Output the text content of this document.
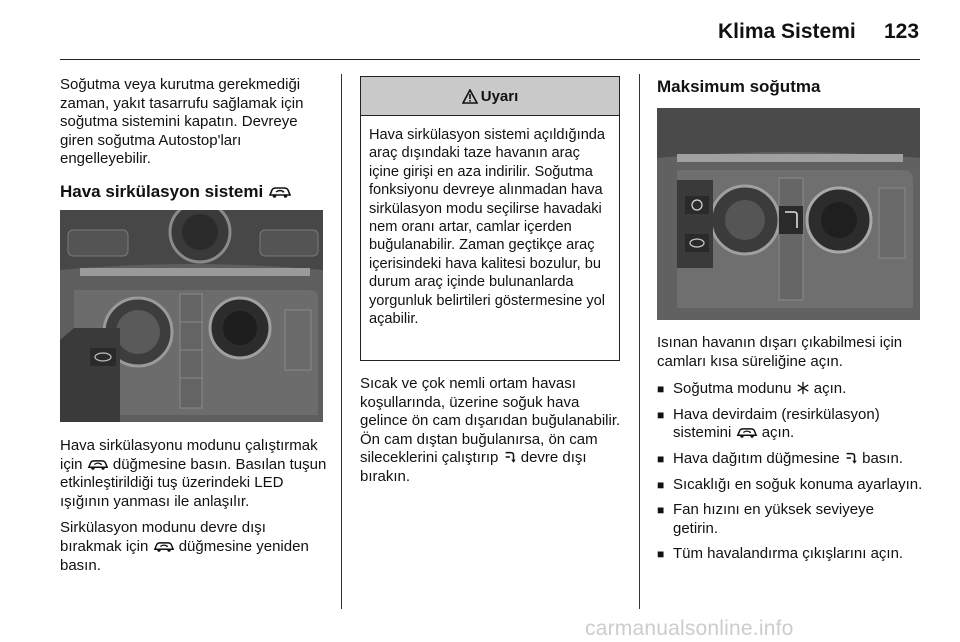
Klima Sistemi 123

Soğutma veya kurutma gerekmediği zaman, yakıt tasarrufu sağlamak için soğutma sistemini kapatın. Devreye giren soğutma Autostop'ları engelleyebilir.

Hava sirkülasyon sistemi

Hava sirkülasyonu modunu çalıştırmak için düğmesine basın. Basılan tuşun etkinleştirildiği tuş üzerindeki LED ışığının yanması ile anlaşılır.

Sirkülasyon modunu devre dışı bırakmak için düğmesine yeniden basın.

Uyarı
Hava sirkülasyon sistemi açıldığında araç dışındaki taze havanın araç içine girişi en aza indirilir. Soğutma fonksiyonu devreye alınmadan hava sirkülasyon modu seçilirse havadaki nem oranı artar, camlar içerden buğulanabilir. Zaman geçtikçe araç içerisindeki hava kalitesi bozulur, bu durum araç içinde bulunanlarda yorgunluk belirtileri göstermesine yol açabilir.

Sıcak ve çok nemli ortam havası koşullarında, üzerine soğuk hava gelince ön cam dışarıdan buğulanabilir. Ön cam dıştan buğulanırsa, ön cam sileceklerini çalıştırıp devre dışı bırakın.

Maksimum soğutma

Isınan havanın dışarı çıkabilmesi için camları kısa süreliğine açın.

■ Soğutma modunu açın.
■ Hava devirdaim (resirkülasyon) sistemini açın.
■ Hava dağıtım düğmesine basın.
■ Sıcaklığı en soğuk konuma ayarlayın.
■ Fan hızını en yüksek seviyeye getirin.
■ Tüm havalandırma çıkışlarını açın.
carmanualsonline.info
